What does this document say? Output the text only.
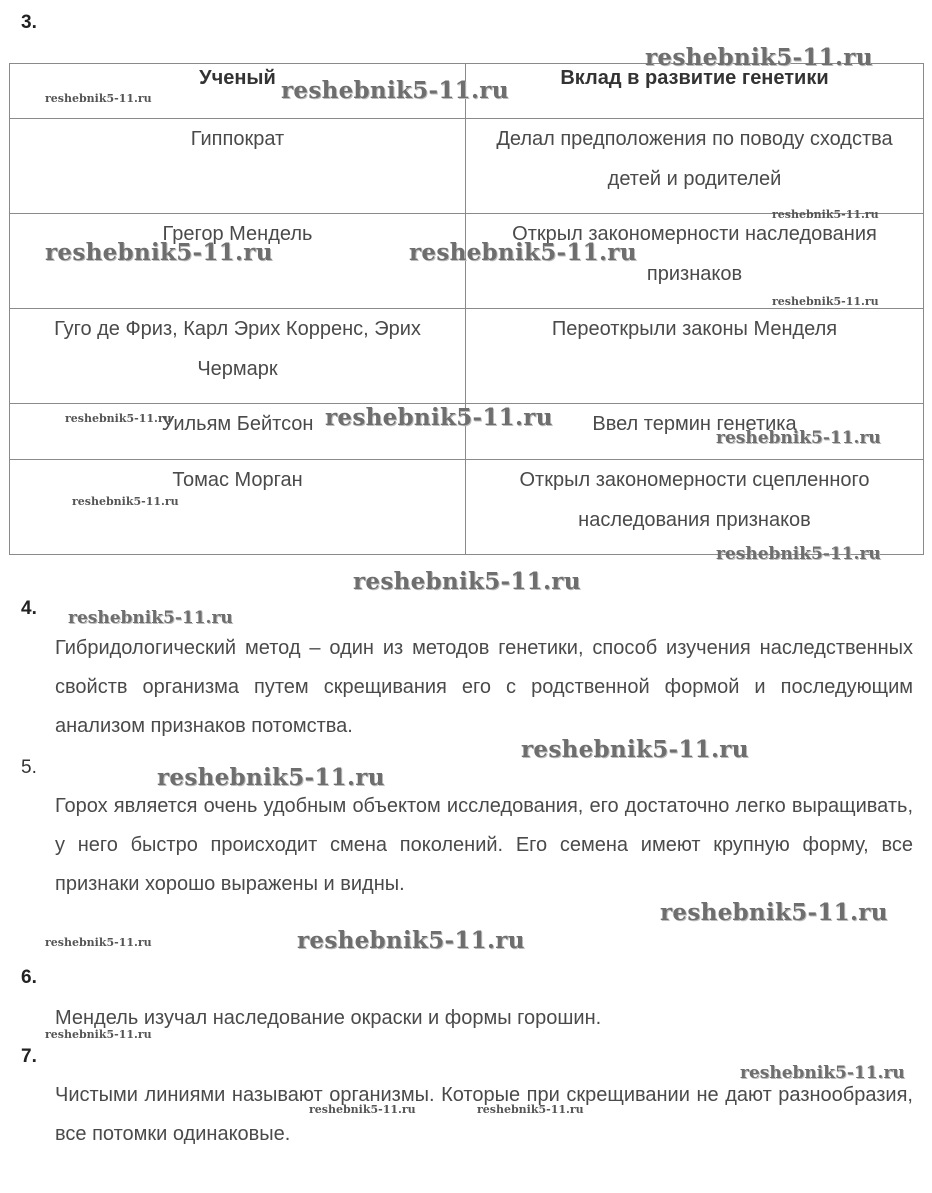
3.
Ученый	Вклад в развитие генетики
Гиппократ	Делал предположения по поводу сходства детей и родителей
Грегор Мендель	Открыл закономерности наследования признаков
Гуго де Фриз, Карл Эрих Корренс, Эрих Чермарк	Переоткрыли законы Менделя
Уильям Бейтсон	Ввел термин генетика
Томас Морган	Открыл закономерности сцепленного наследования признаков
4.

Гибридологический метод – один из методов генетики, способ изучения наследственных свойств организма путем скрещивания его с родственной формой и последующим анализом признаков потомства.

5.

Горох является очень удобным объектом исследования, его достаточно легко выращивать, у него быстро происходит смена поколений. Его семена имеют крупную форму, все признаки хорошо выражены и видны.

6.

Мендель изучал наследование окраски и формы горошин.

7.

Чистыми линиями называют организмы. Которые при скрещивании не дают разнообразия, все потомки одинаковые.

reshebnik5-11.ru
reshebnik5-11.ru	reshebnik5-11.ru
reshebnik5-11.ru
reshebnik5-11.ru	reshebnik5-11.ru
reshebnik5-11.ru
reshebnik5-11.ru	reshebnik5-11.ru
reshebnik5-11.ru
reshebnik5-11.ru
reshebnik5-11.ru
reshebnik5-11.ru
reshebnik5-11.ru
reshebnik5-11.ru
reshebnik5-11.ru
reshebnik5-11.ru
reshebnik5-11.ru	reshebnik5-11.ru
reshebnik5-11.ru
reshebnik5-11.ru
reshebnik5-11.ru	reshebnik5-11.ru
